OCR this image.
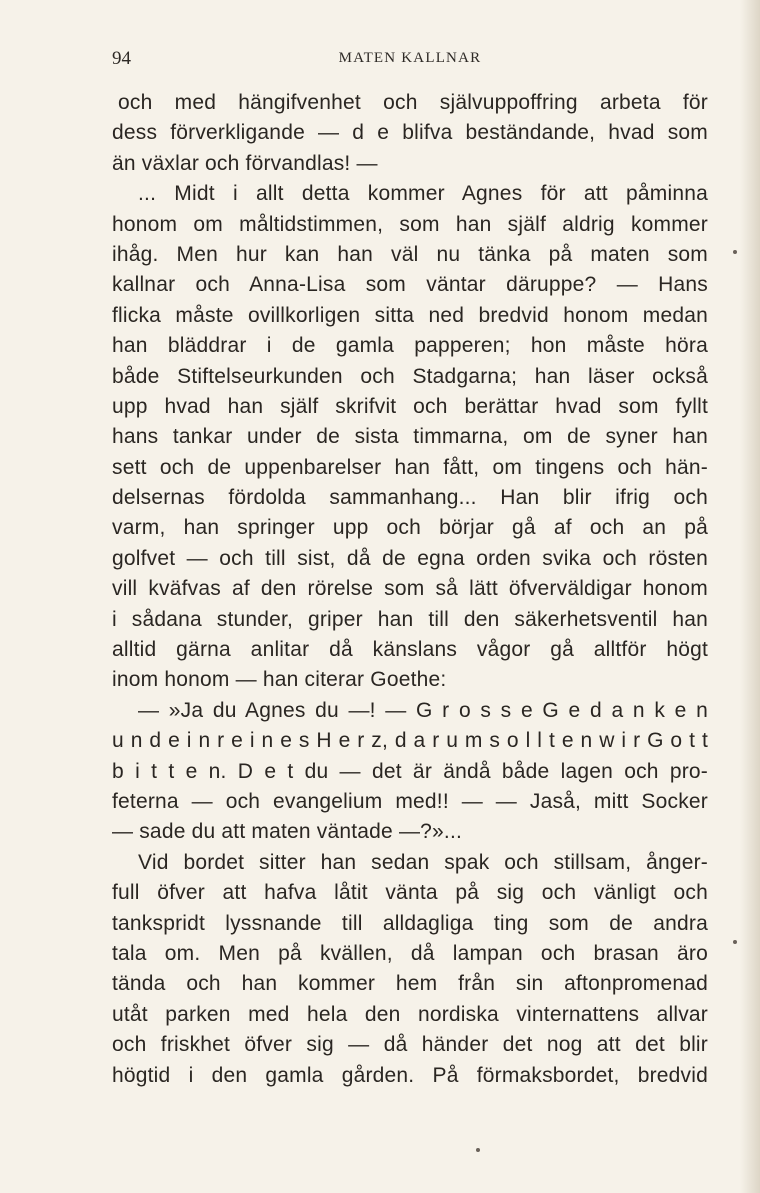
94	MATEN KALLNAR
och med hängifvenhet och självuppoffring arbeta för
dess förverkligande — d e blifva beständande, hvad som
än växlar och förvandlas! —
... Midt i allt detta kommer Agnes för att påminna
honom om måltidstimmen, som han själf aldrig kommer
ihåg. Men hur kan han väl nu tänka på maten som
kallnar och Anna-Lisa som väntar däruppe? — Hans
flicka måste ovillkorligen sitta ned bredvid honom medan
han bläddrar i de gamla papperen; hon måste höra
både Stiftelseurkunden och Stadgarna; han läser också
upp hvad han själf skrifvit och berättar hvad som fyllt
hans tankar under de sista timmarna, om de syner han
sett och de uppenbarelser han fått, om tingens och hän-
delsernas fördolda sammanhang... Han blir ifrig och
varm, han springer upp och börjar gå af och an på
golfvet — och till sist, då de egna orden svika och rösten
vill kväfvas af den rörelse som så lätt öfverväldigar honom
i sådana stunder, griper han till den säkerhetsventil han
alltid gärna anlitar då känslans vågor gå alltför högt
inom honom — han citerar Goethe:
— »Ja du Agnes du —! — G r o s s e G e d a n k e n
u n d e i n r e i n e s H e r z, d a r u m s o l l t e n w i r G o t t
b i t t e n. D e t du — det är ändå både lagen och pro-
feterna — och evangelium med!! — — Jaså, mitt Socker
— sade du att maten väntade —?»...
Vid bordet sitter han sedan spak och stillsam, ånger-
full öfver att hafva låtit vänta på sig och vänligt och
tankspridt lyssnande till alldagliga ting som de andra
tala om. Men på kvällen, då lampan och brasan äro
tända och han kommer hem från sin aftonpromenad
utåt parken med hela den nordiska vinternattens allvar
och friskhet öfver sig — då händer det nog att det blir
högtid i den gamla gården. På förmaksbordet, bredvid
